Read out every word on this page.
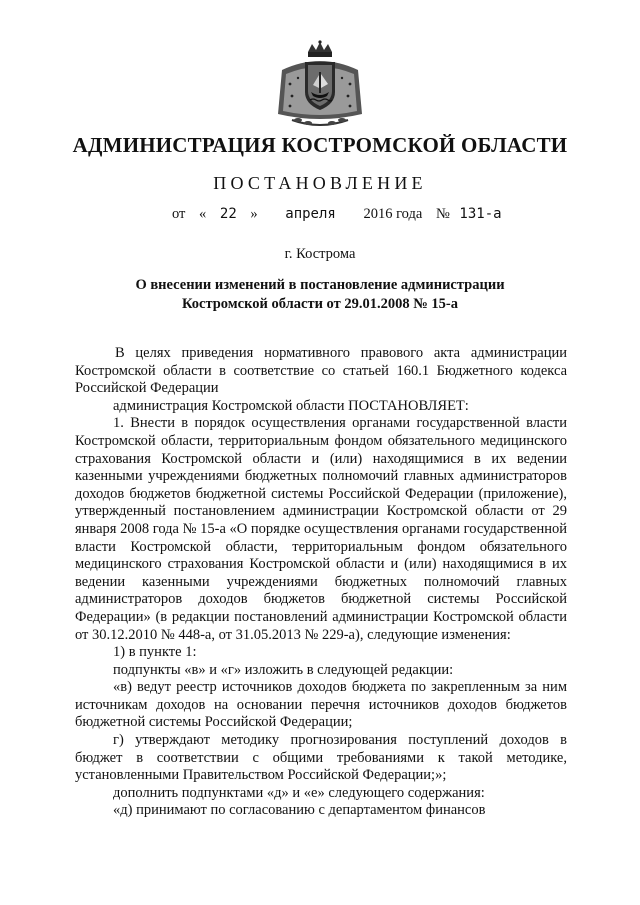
АДМИНИСТРАЦИЯ КОСТРОМСКОЙ ОБЛАСТИ
ПОСТАНОВЛЕНИЕ
от « 22 » апреля 2016 года № 131-а
г. Кострома
О внесении изменений в постановление администрации
Костромской области от 29.01.2008 № 15-а

В целях приведения нормативного правового акта администрации Костромской области в соответствие со статьей 160.1 Бюджетного кодекса Российской Федерации

администрация Костромской области ПОСТАНОВЛЯЕТ:

1. Внести в порядок осуществления органами государственной власти Костромской области, территориальным фондом обязательного медицинского страхования Костромской области и (или) находящимися в их ведении казенными учреждениями бюджетных полномочий главных администраторов доходов бюджетов бюджетной системы Российской Федерации (приложение), утвержденный постановлением администрации Костромской области от 29 января 2008 года № 15-а «О порядке осуществления органами государственной власти Костромской области, территориальным фондом обязательного медицинского страхования Костромской области и (или) находящимися в их ведении казенными учреждениями бюджетных полномочий главных администраторов доходов бюджетов бюджетной системы Российской Федерации» (в редакции постановлений администрации Костромской области от 30.12.2010 № 448-а, от 31.05.2013 № 229-а), следующие изменения:

1) в пункте 1:

подпункты «в» и «г» изложить в следующей редакции:

«в) ведут реестр источников доходов бюджета по закрепленным за ним источникам доходов на основании перечня источников доходов бюджетов бюджетной системы Российской Федерации;

г) утверждают методику прогнозирования поступлений доходов в бюджет в соответствии с общими требованиями к такой методике, установленными Правительством Российской Федерации;»;

дополнить подпунктами «д» и «е» следующего содержания:

«д) принимают по согласованию с департаментом финансов
